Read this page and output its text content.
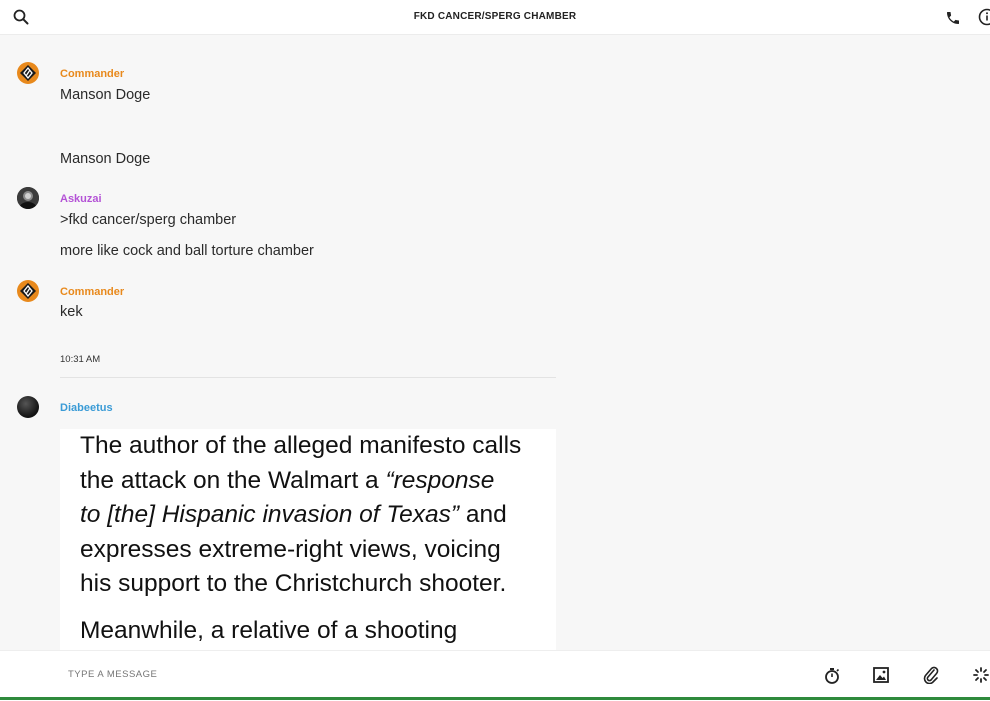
FKD CANCER/SPERG CHAMBER
Commander
Manson Doge
Manson Doge
Askuzai
>fkd cancer/sperg chamber
more like cock and ball torture chamber
Commander
kek
10:31 AM
Diabeetus
The author of the alleged manifesto calls
the attack on the Walmart a “response
to [the] Hispanic invasion of Texas” and
expresses extreme-right views, voicing
his support to the Christchurch shooter.
Meanwhile, a relative of a shooting
TYPE A MESSAGE
